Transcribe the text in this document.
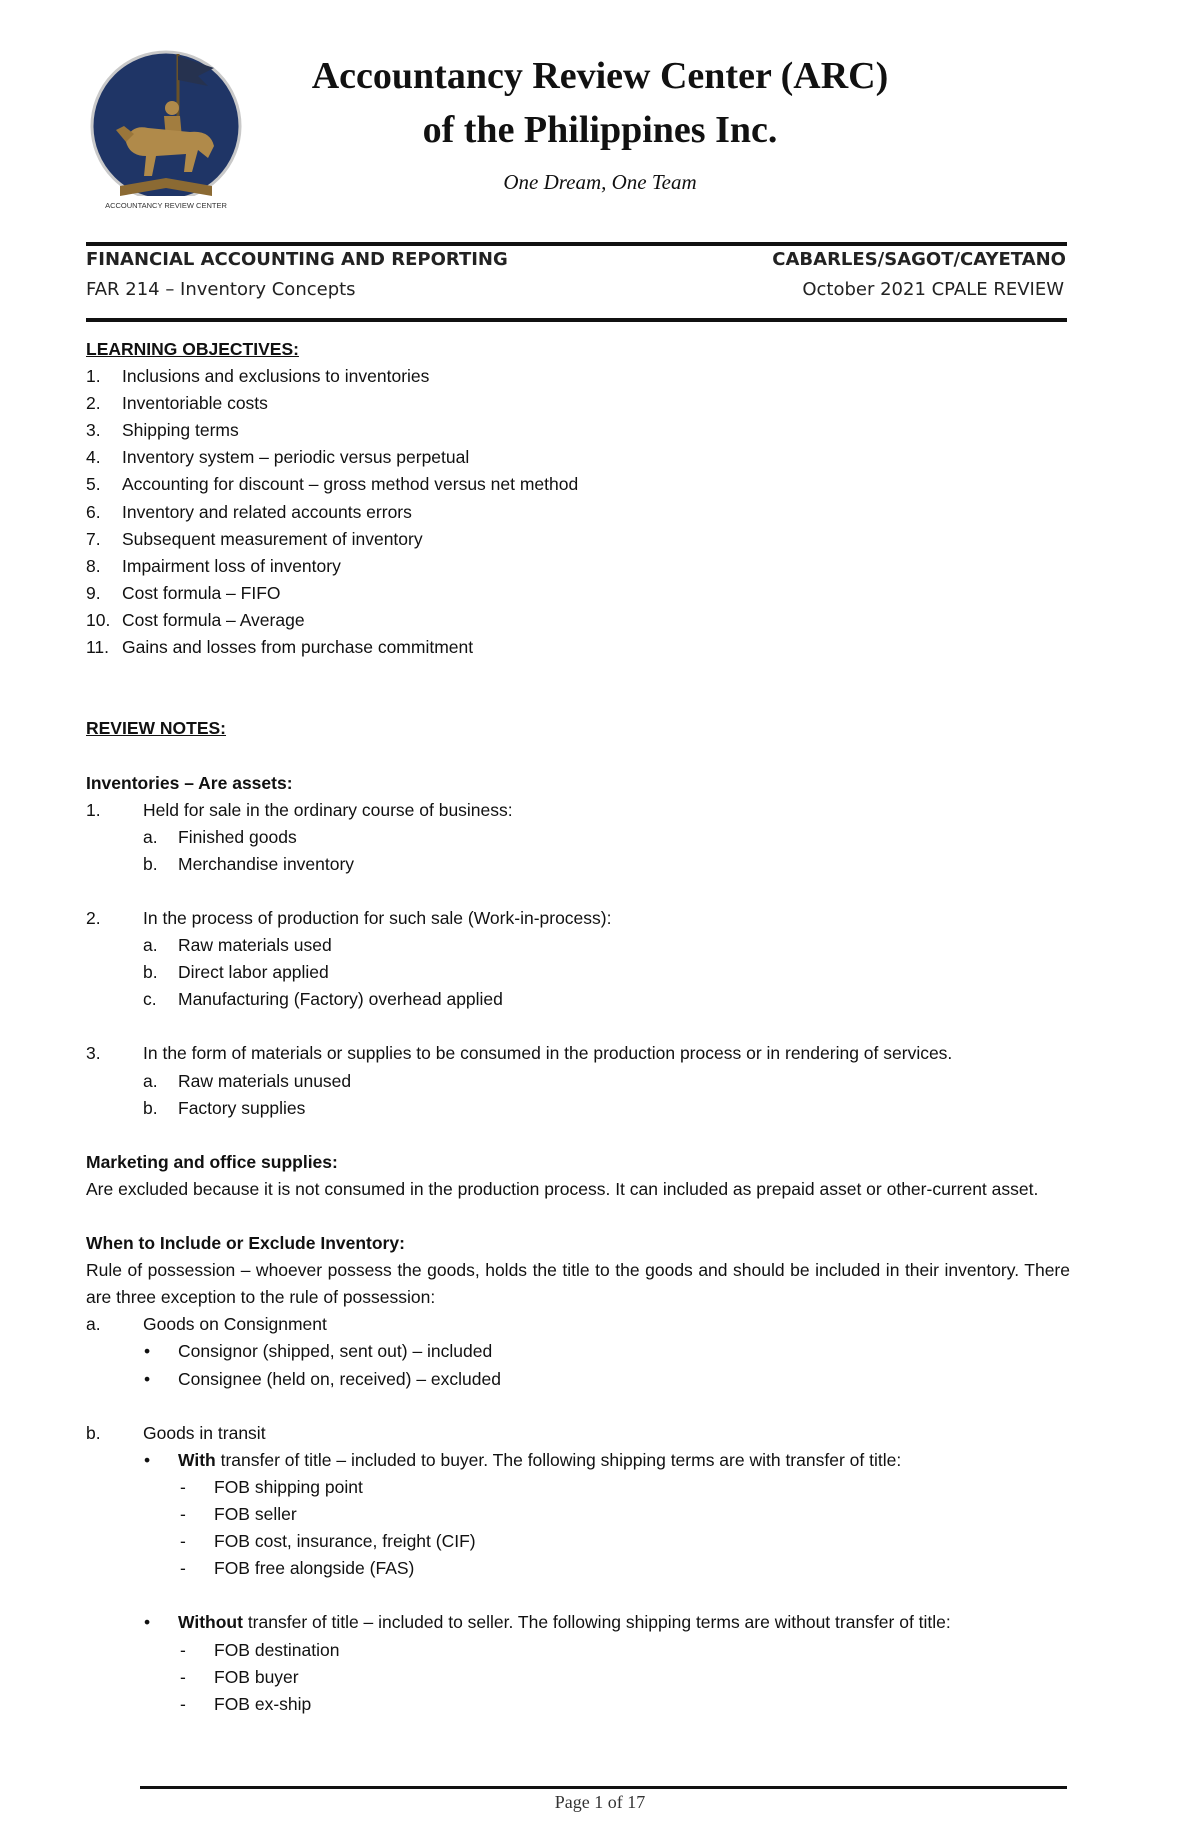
ACCOUNTANCY REVIEW CENTER
Accountancy Review Center (ARC)
of the Philippines Inc.
One Dream, One Team
FINANCIAL ACCOUNTING AND REPORTING	CABARLES/SAGOT/CAYETANO
FAR 214 – Inventory Concepts	October 2021 CPALE REVIEW
LEARNING OBJECTIVES:
1. Inclusions and exclusions to inventories
2. Inventoriable costs
3. Shipping terms
4. Inventory system – periodic versus perpetual
5. Accounting for discount – gross method versus net method
6. Inventory and related accounts errors
7. Subsequent measurement of inventory
8. Impairment loss of inventory
9. Cost formula – FIFO
10. Cost formula – Average
11. Gains and losses from purchase commitment
REVIEW NOTES:
Inventories – Are assets:
1. Held for sale in the ordinary course of business:
a. Finished goods
b. Merchandise inventory
2. In the process of production for such sale (Work-in-process):
a. Raw materials used
b. Direct labor applied
c. Manufacturing (Factory) overhead applied
3. In the form of materials or supplies to be consumed in the production process or in rendering of services.
a. Raw materials unused
b. Factory supplies
Marketing and office supplies:
Are excluded because it is not consumed in the production process. It can included as prepaid asset or other-current asset.
When to Include or Exclude Inventory:
Rule of possession – whoever possess the goods, holds the title to the goods and should be included in their inventory. There are three exception to the rule of possession:
a. Goods on Consignment
• Consignor (shipped, sent out) – included
• Consignee (held on, received) – excluded
b. Goods in transit
• With transfer of title – included to buyer. The following shipping terms are with transfer of title:
- FOB shipping point
- FOB seller
- FOB cost, insurance, freight (CIF)
- FOB free alongside (FAS)
• Without transfer of title – included to seller. The following shipping terms are without transfer of title:
- FOB destination
- FOB buyer
- FOB ex-ship
Page 1 of 17
